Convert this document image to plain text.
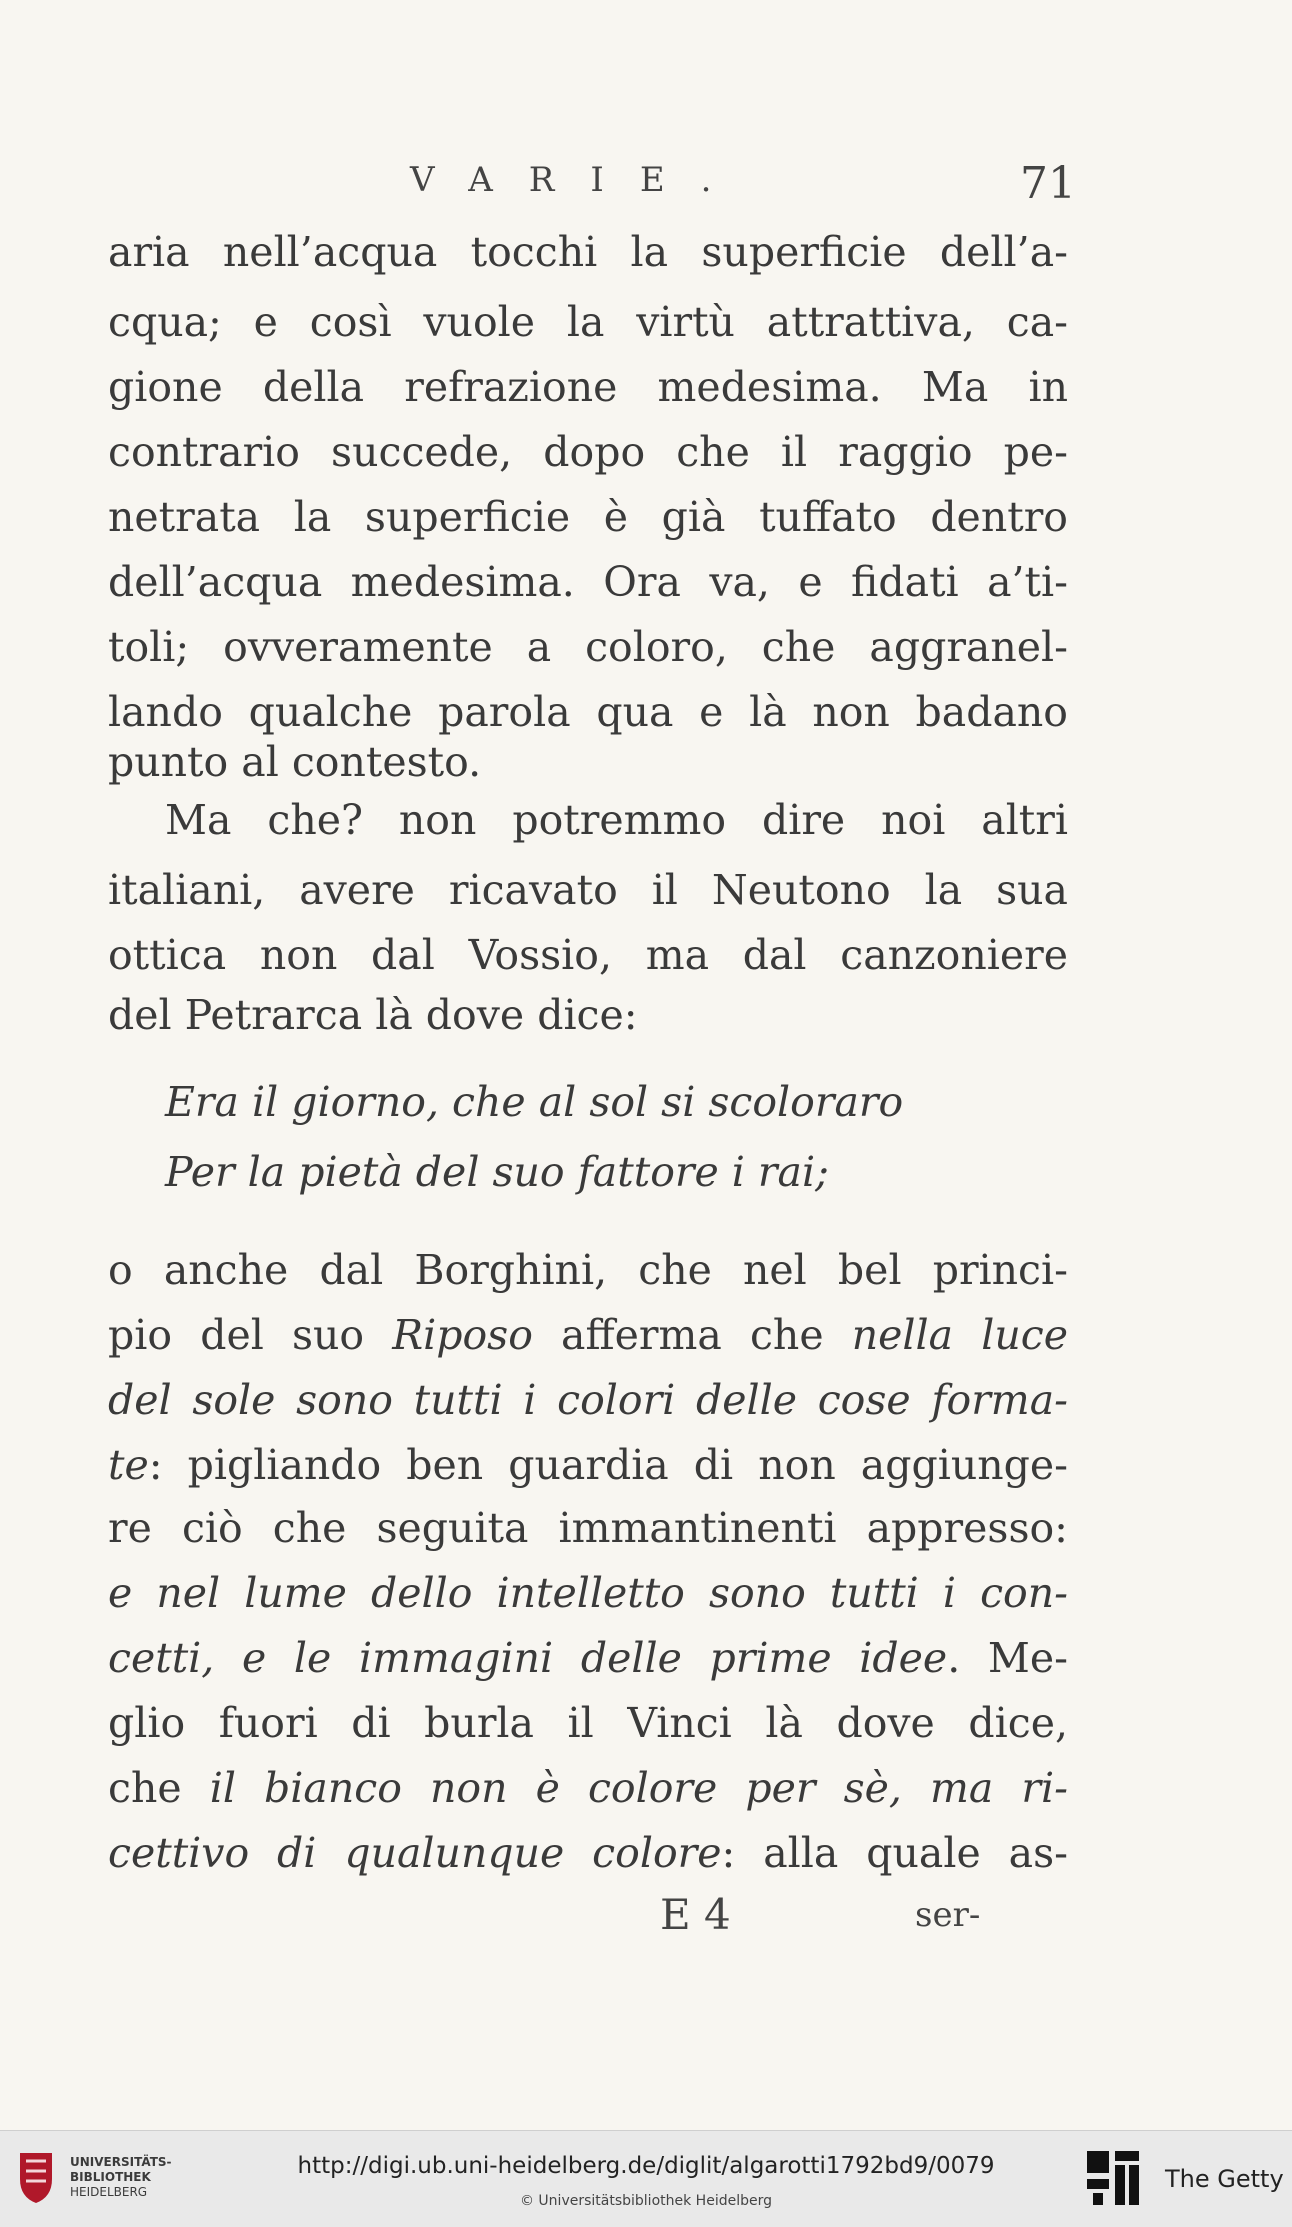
VARIE.	71
aria nell’acqua tocchi la superficie dell’a-
cqua; e così vuole la virtù attrattiva, ca-
gione della refrazione medesima. Ma in
contrario succede, dopo che il raggio pe-
netrata la superficie è già tuffato dentro
dell’acqua medesima. Ora va, e fidati a’ti-
toli; ovveramente a coloro, che aggranel-
lando qualche parola qua e là non badano
punto al contesto.
Ma che? non potremmo dire noi altri
italiani, avere ricavato il Neutono la sua
ottica non dal Vossio, ma dal canzoniere
del Petrarca là dove dice:
Era il giorno, che al sol si scoloraro
Per la pietà del suo fattore i rai;
o anche dal Borghini, che nel bel princi-
pio del suo Riposo afferma che nella luce
del sole sono tutti i colori delle cose forma-
te: pigliando ben guardia di non aggiunge-
re ciò che seguita immantinenti appresso:
e nel lume dello intelletto sono tutti i con-
cetti, e le immagini delle prime idee. Me-
glio fuori di burla il Vinci là dove dice,
che il bianco non è colore per sè, ma ri-
cettivo di qualunque colore: alla quale as-
E 4	ser-
UNIVERSITÄTS-
BIBLIOTHEK
HEIDELBERG
http://digi.ub.uni-heidelberg.de/diglit/algarotti1792bd9/0079
© Universitätsbibliothek Heidelberg
The Getty
